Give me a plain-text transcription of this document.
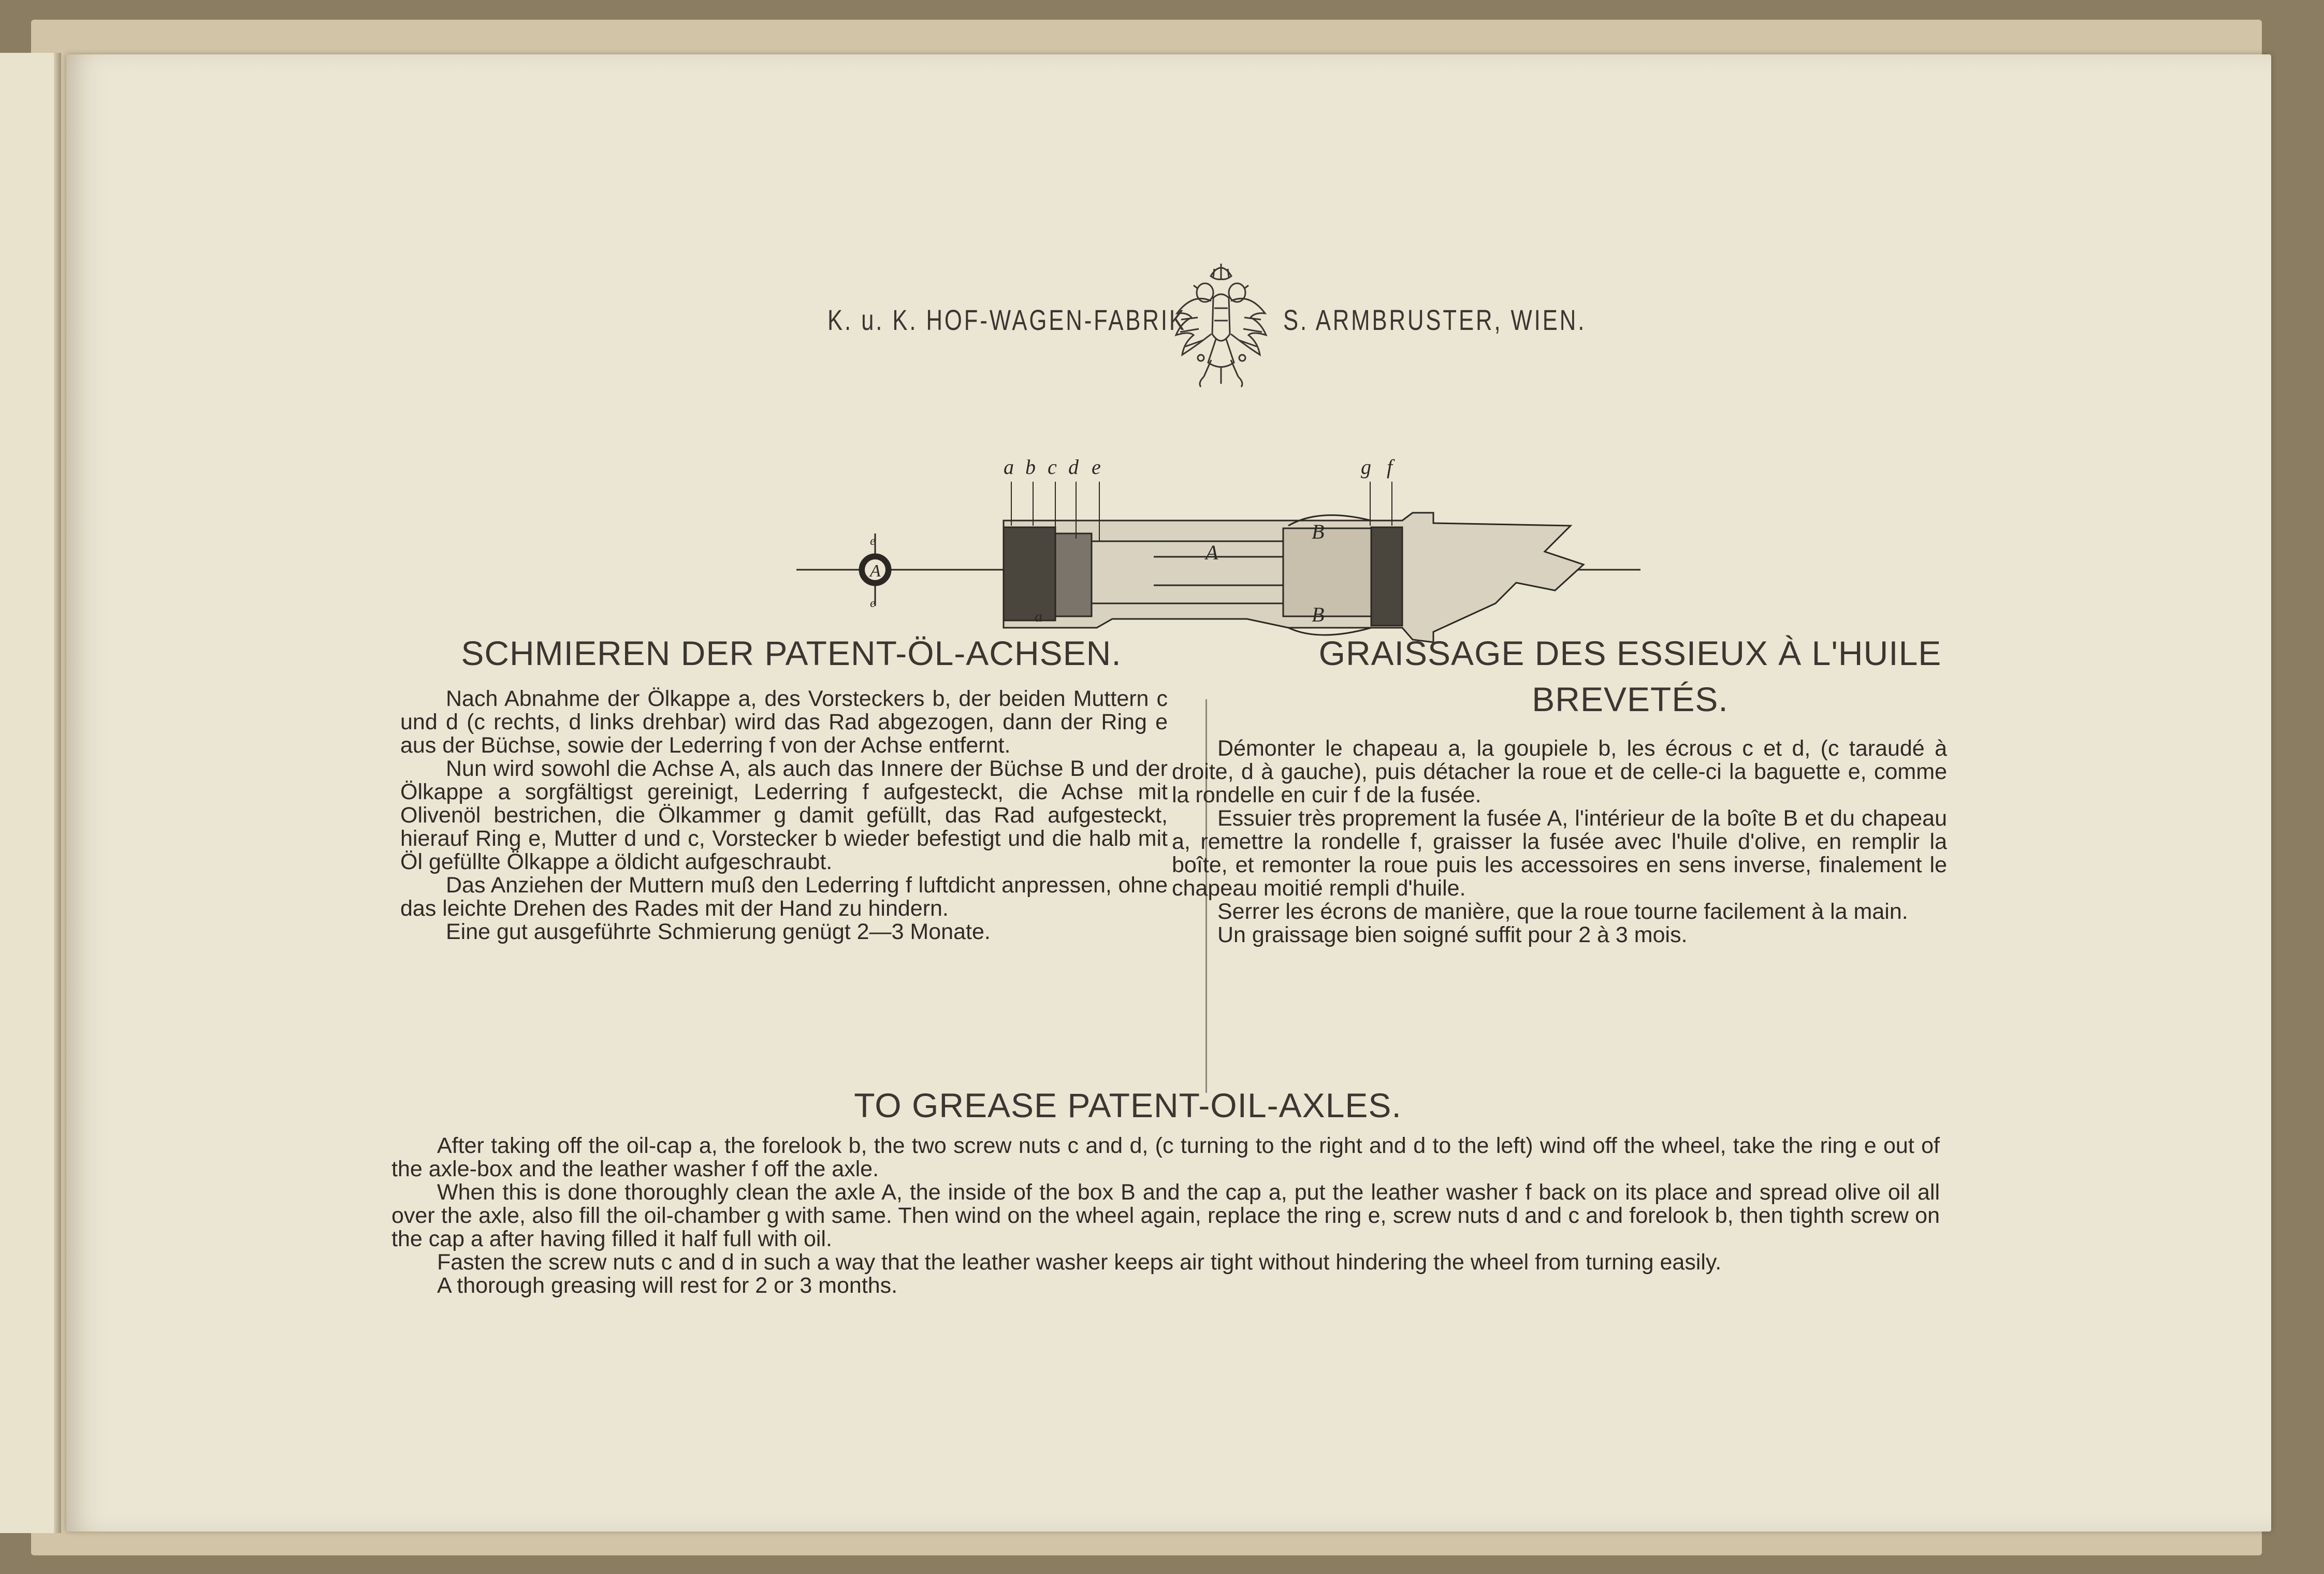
K. u. K. HOF-WAGEN-FABRIK	S. ARMBRUSTER, WIEN.
A
e
e
a b c d e	g f
A
B
B
a
SCHMIEREN DER PATENT-ÖL-ACHSEN.

Nach Abnahme der Ölkappe a, des Vorsteckers b, der beiden Muttern c und d (c rechts, d links drehbar) wird das Rad abgezogen, dann der Ring e aus der Büchse, sowie der Lederring f von der Achse entfernt.

Nun wird sowohl die Achse A, als auch das Innere der Büchse B und der Ölkappe a sorgfältigst gereinigt, Lederring f aufgesteckt, die Achse mit Olivenöl bestrichen, die Ölkammer g damit gefüllt, das Rad aufgesteckt, hierauf Ring e, Mutter d und c, Vorstecker b wieder befestigt und die halb mit Öl gefüllte Ölkappe a öldicht aufgeschraubt.

Das Anziehen der Muttern muß den Lederring f luftdicht anpressen, ohne das leichte Drehen des Rades mit der Hand zu hindern.

Eine gut ausgeführte Schmierung genügt 2—3 Monate.

GRAISSAGE DES ESSIEUX À L'HUILE
BREVETÉS.

Démonter le chapeau a, la goupiele b, les écrous c et d, (c taraudé à droite, d à gauche), puis détacher la roue et de celle-ci la baguette e, comme la rondelle en cuir f de la fusée.

Essuier très proprement la fusée A, l'intérieur de la boîte B et du chapeau a, remettre la rondelle f, graisser la fusée avec l'huile d'olive, en remplir la boîte, et remonter la roue puis les accessoires en sens inverse, finalement le chapeau moitié rempli d'huile.

Serrer les écrons de manière, que la roue tourne facilement à la main.

Un graissage bien soigné suffit pour 2 à 3 mois.

TO GREASE PATENT-OIL-AXLES.

After taking off the oil-cap a, the forelook b, the two screw nuts c and d, (c turning to the right and d to the left) wind off the wheel, take the ring e out of the axle-box and the leather washer f off the axle.

When this is done thoroughly clean the axle A, the inside of the box B and the cap a, put the leather washer f back on its place and spread olive oil all over the axle, also fill the oil-chamber g with same. Then wind on the wheel again, replace the ring e, screw nuts d and c and forelook b, then tighth screw on the cap a after having filled it half full with oil.

Fasten the screw nuts c and d in such a way that the leather washer keeps air tight without hindering the wheel from turning easily.

A thorough greasing will rest for 2 or 3 months.
